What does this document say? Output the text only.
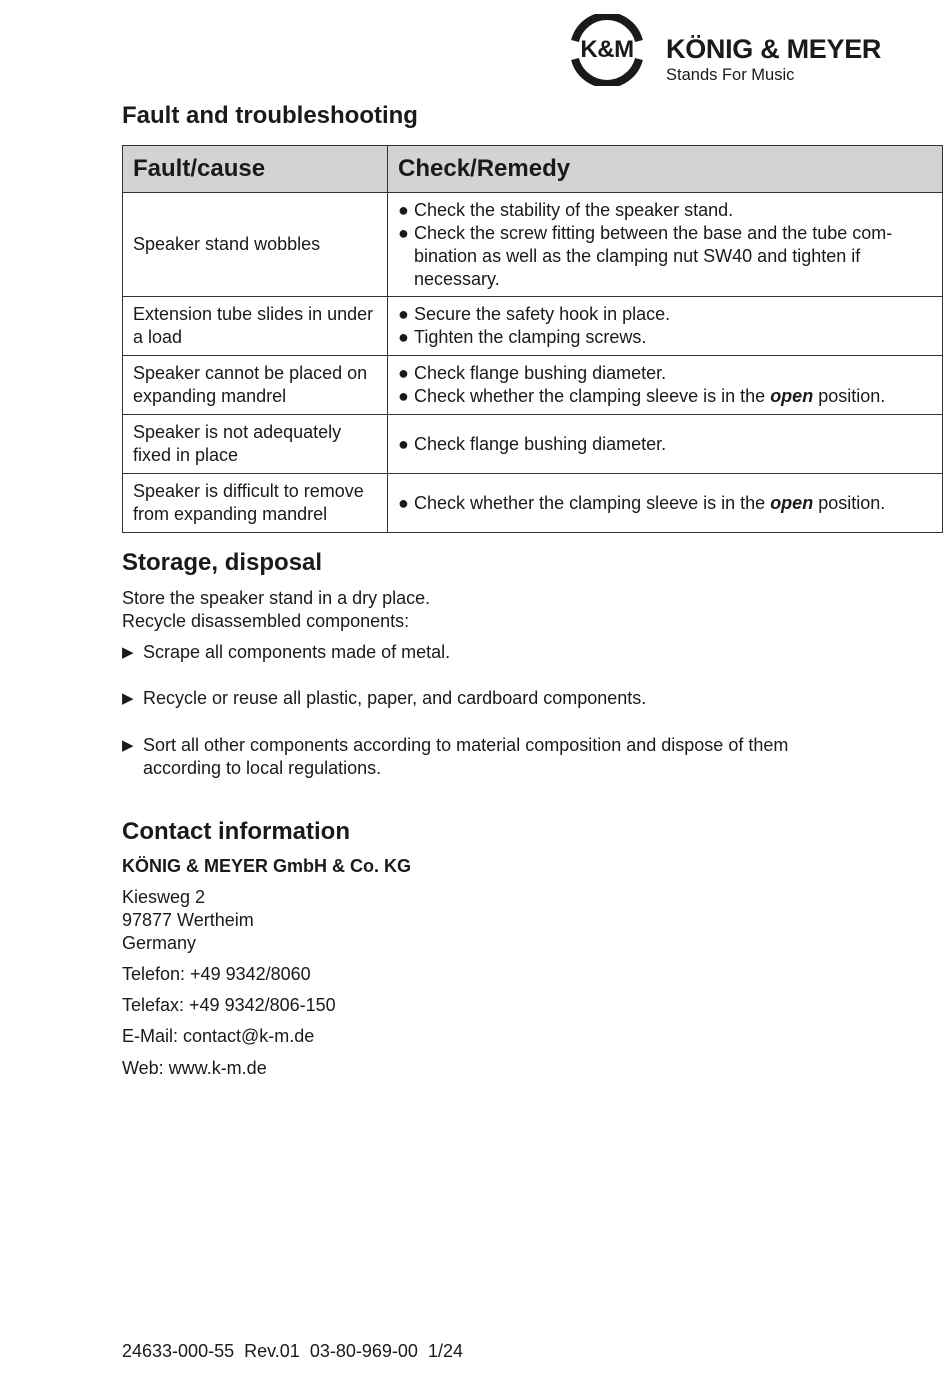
K&M	KÖNIG & MEYER
Stands For Music
Fault and troubleshooting
Fault/cause	Check/Remedy
Speaker stand wobbles	● Check the stability of the speaker stand.
● Check the screw fitting between the base and the tube com-bination as well as the clamping nut SW40 and tighten if necessary.

Extension tube slides in under a load	● Secure the safety hook in place.
● Tighten the clamping screws.

Speaker cannot be placed on expanding mandrel	● Check flange bushing diameter.
● Check whether the clamping sleeve is in the open position.

Speaker is not adequately fixed in place	● Check flange bushing diameter.

Speaker is difficult to remove from expanding mandrel	● Check whether the clamping sleeve is in the open position.
Storage, disposal
Store the speaker stand in a dry place.
Recycle disassembled components:
▶ Scrape all components made of metal.
▶ Recycle or reuse all plastic, paper, and cardboard components.
▶ Sort all other components according to material composition and dispose of them according to local regulations.
Contact information
KÖNIG & MEYER GmbH & Co. KG
Kiesweg 2
97877 Wertheim
Germany
Telefon: +49 9342/8060
Telefax: +49 9342/806-150
E-Mail: contact@k-m.de
Web: www.k-m.de
24633-000-55 Rev.01 03-80-969-00 1/24
